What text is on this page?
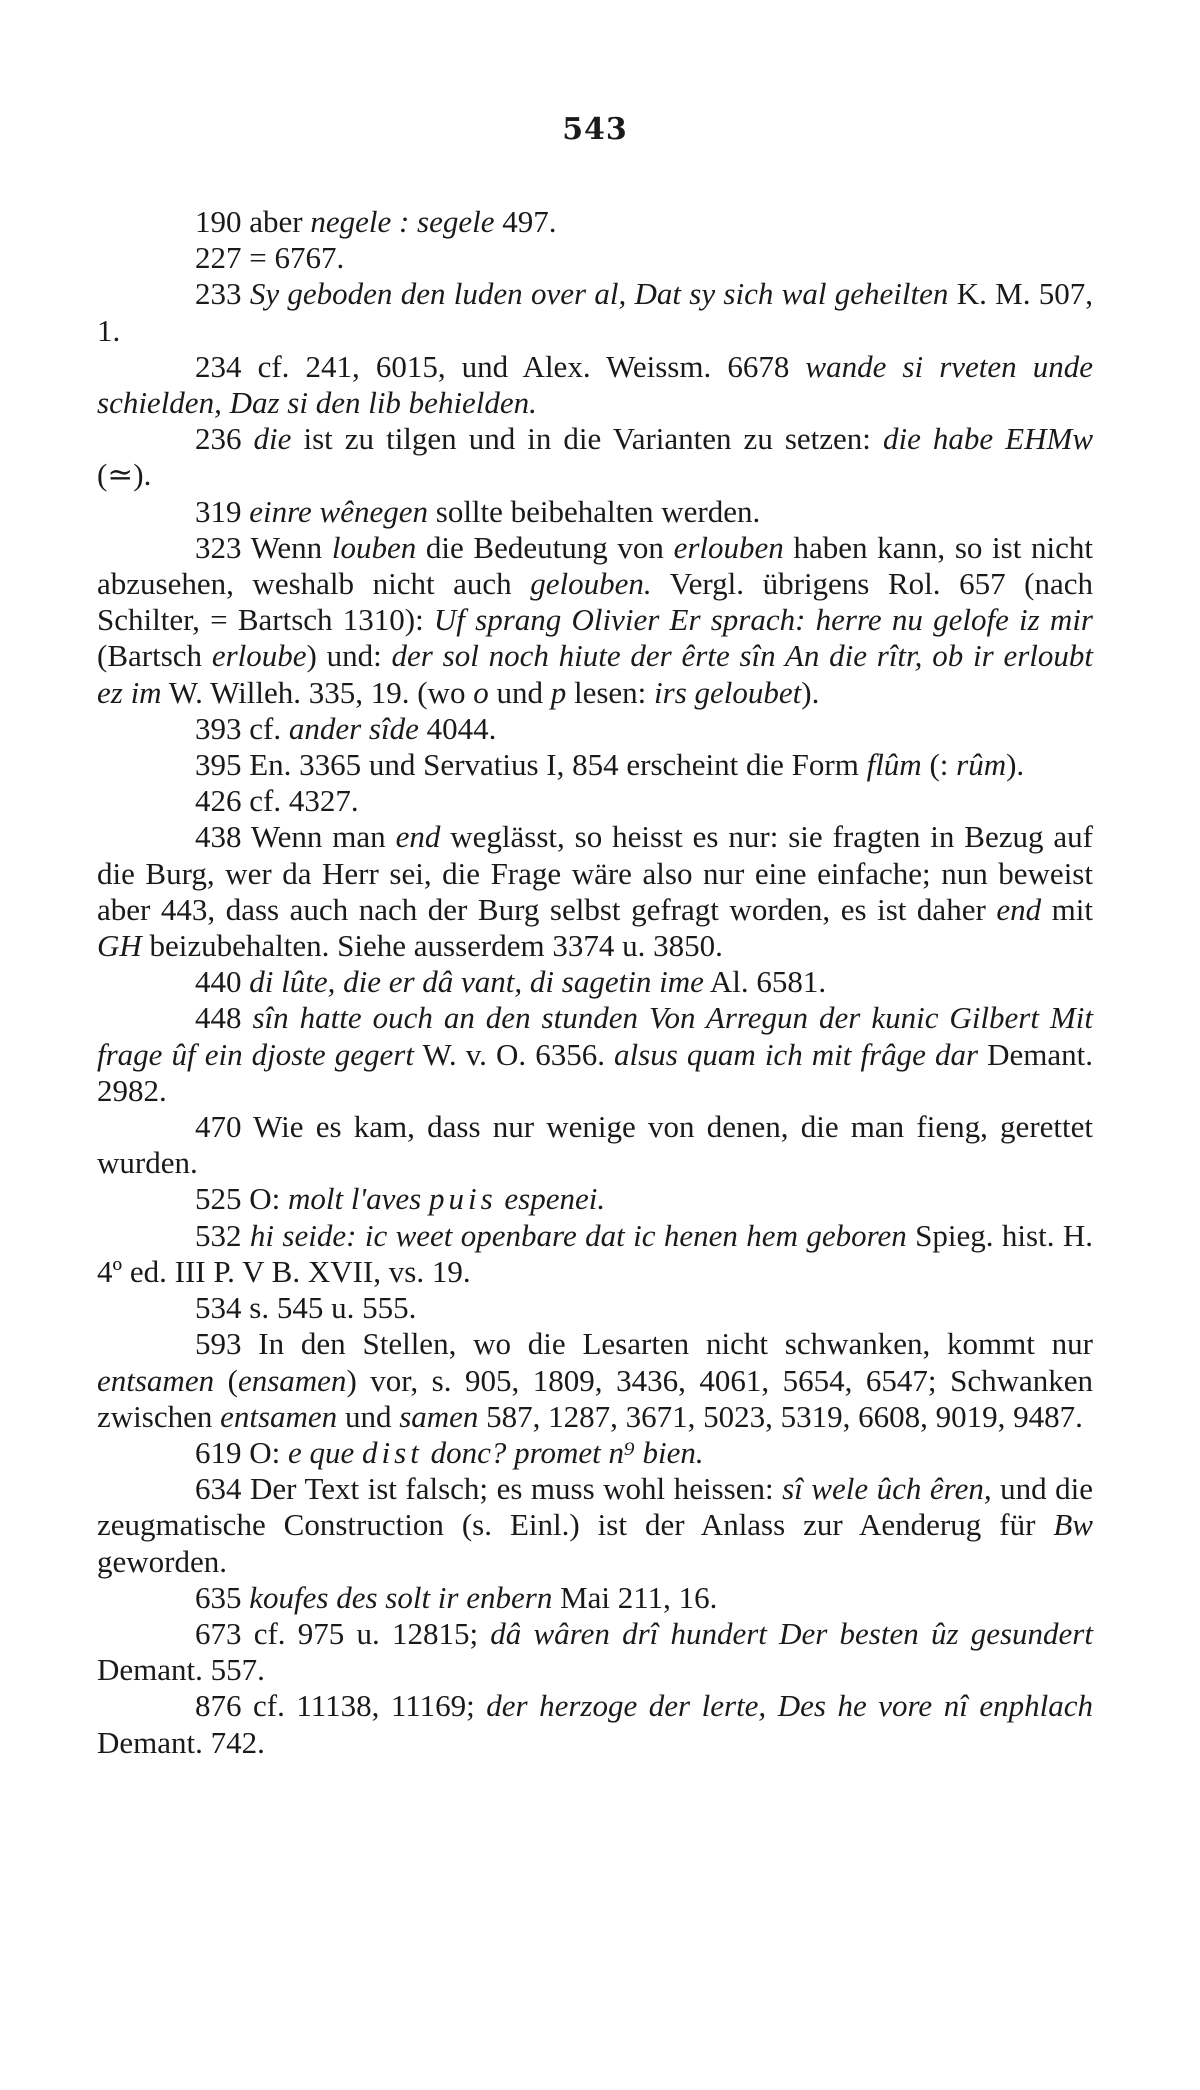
543

190 aber negele : segele 497.

227 = 6767.

233 Sy geboden den luden over al, Dat sy sich wal geheilten K. M. 507, 1.

234 cf. 241, 6015, und Alex. Weissm. 6678 wande si rveten unde schielden, Daz si den lib behielden.

236 die ist zu tilgen und in die Varianten zu setzen: die habe EHMw (≃).

319 einre wênegen sollte beibehalten werden.

323 Wenn louben die Bedeutung von erlouben haben kann, so ist nicht abzusehen, weshalb nicht auch gelouben. Vergl. übrigens Rol. 657 (nach Schilter, = Bartsch 1310): Uf sprang Olivier Er sprach: herre nu gelofe iz mir (Bartsch erloube) und: der sol noch hiute der êrte sîn An die rîtr, ob ir erloubt ez im W. Willeh. 335, 19. (wo o und p lesen: irs geloubet).

393 cf. ander sîde 4044.

395 En. 3365 und Servatius I, 854 erscheint die Form flûm (: rûm).

426 cf. 4327.

438 Wenn man end weglässt, so heisst es nur: sie fragten in Bezug auf die Burg, wer da Herr sei, die Frage wäre also nur eine einfache; nun beweist aber 443, dass auch nach der Burg selbst gefragt worden, es ist daher end mit GH beizubehalten. Siehe ausserdem 3374 u. 3850.

440 di lûte, die er dâ vant, di sagetin ime Al. 6581.

448 sîn hatte ouch an den stunden Von Arregun der kunic Gilbert Mit frage ûf ein djoste gegert W. v. O. 6356. alsus quam ich mit frâge dar Demant. 2982.

470 Wie es kam, dass nur wenige von denen, die man fieng, gerettet wurden.

525 O: molt l'aves puis espenei.

532 hi seide: ic weet openbare dat ic henen hem geboren Spieg. hist. H. 4º ed. III P. V B. XVII, vs. 19.

534 s. 545 u. 555.

593 In den Stellen, wo die Lesarten nicht schwanken, kommt nur entsamen (ensamen) vor, s. 905, 1809, 3436, 4061, 5654, 6547; Schwanken zwischen entsamen und samen 587, 1287, 3671, 5023, 5319, 6608, 9019, 9487.

619 O: e que dist donc? promet n⁹ bien.

634 Der Text ist falsch; es muss wohl heissen: sî wele ûch êren, und die zeugmatische Construction (s. Einl.) ist der Anlass zur Aenderug für Bw geworden.

635 koufes des solt ir enbern Mai 211, 16.

673 cf. 975 u. 12815; dâ wâren drî hundert Der besten ûz gesundert Demant. 557.

876 cf. 11138, 11169; der herzoge der lerte, Des he vore nî enphlach Demant. 742.
